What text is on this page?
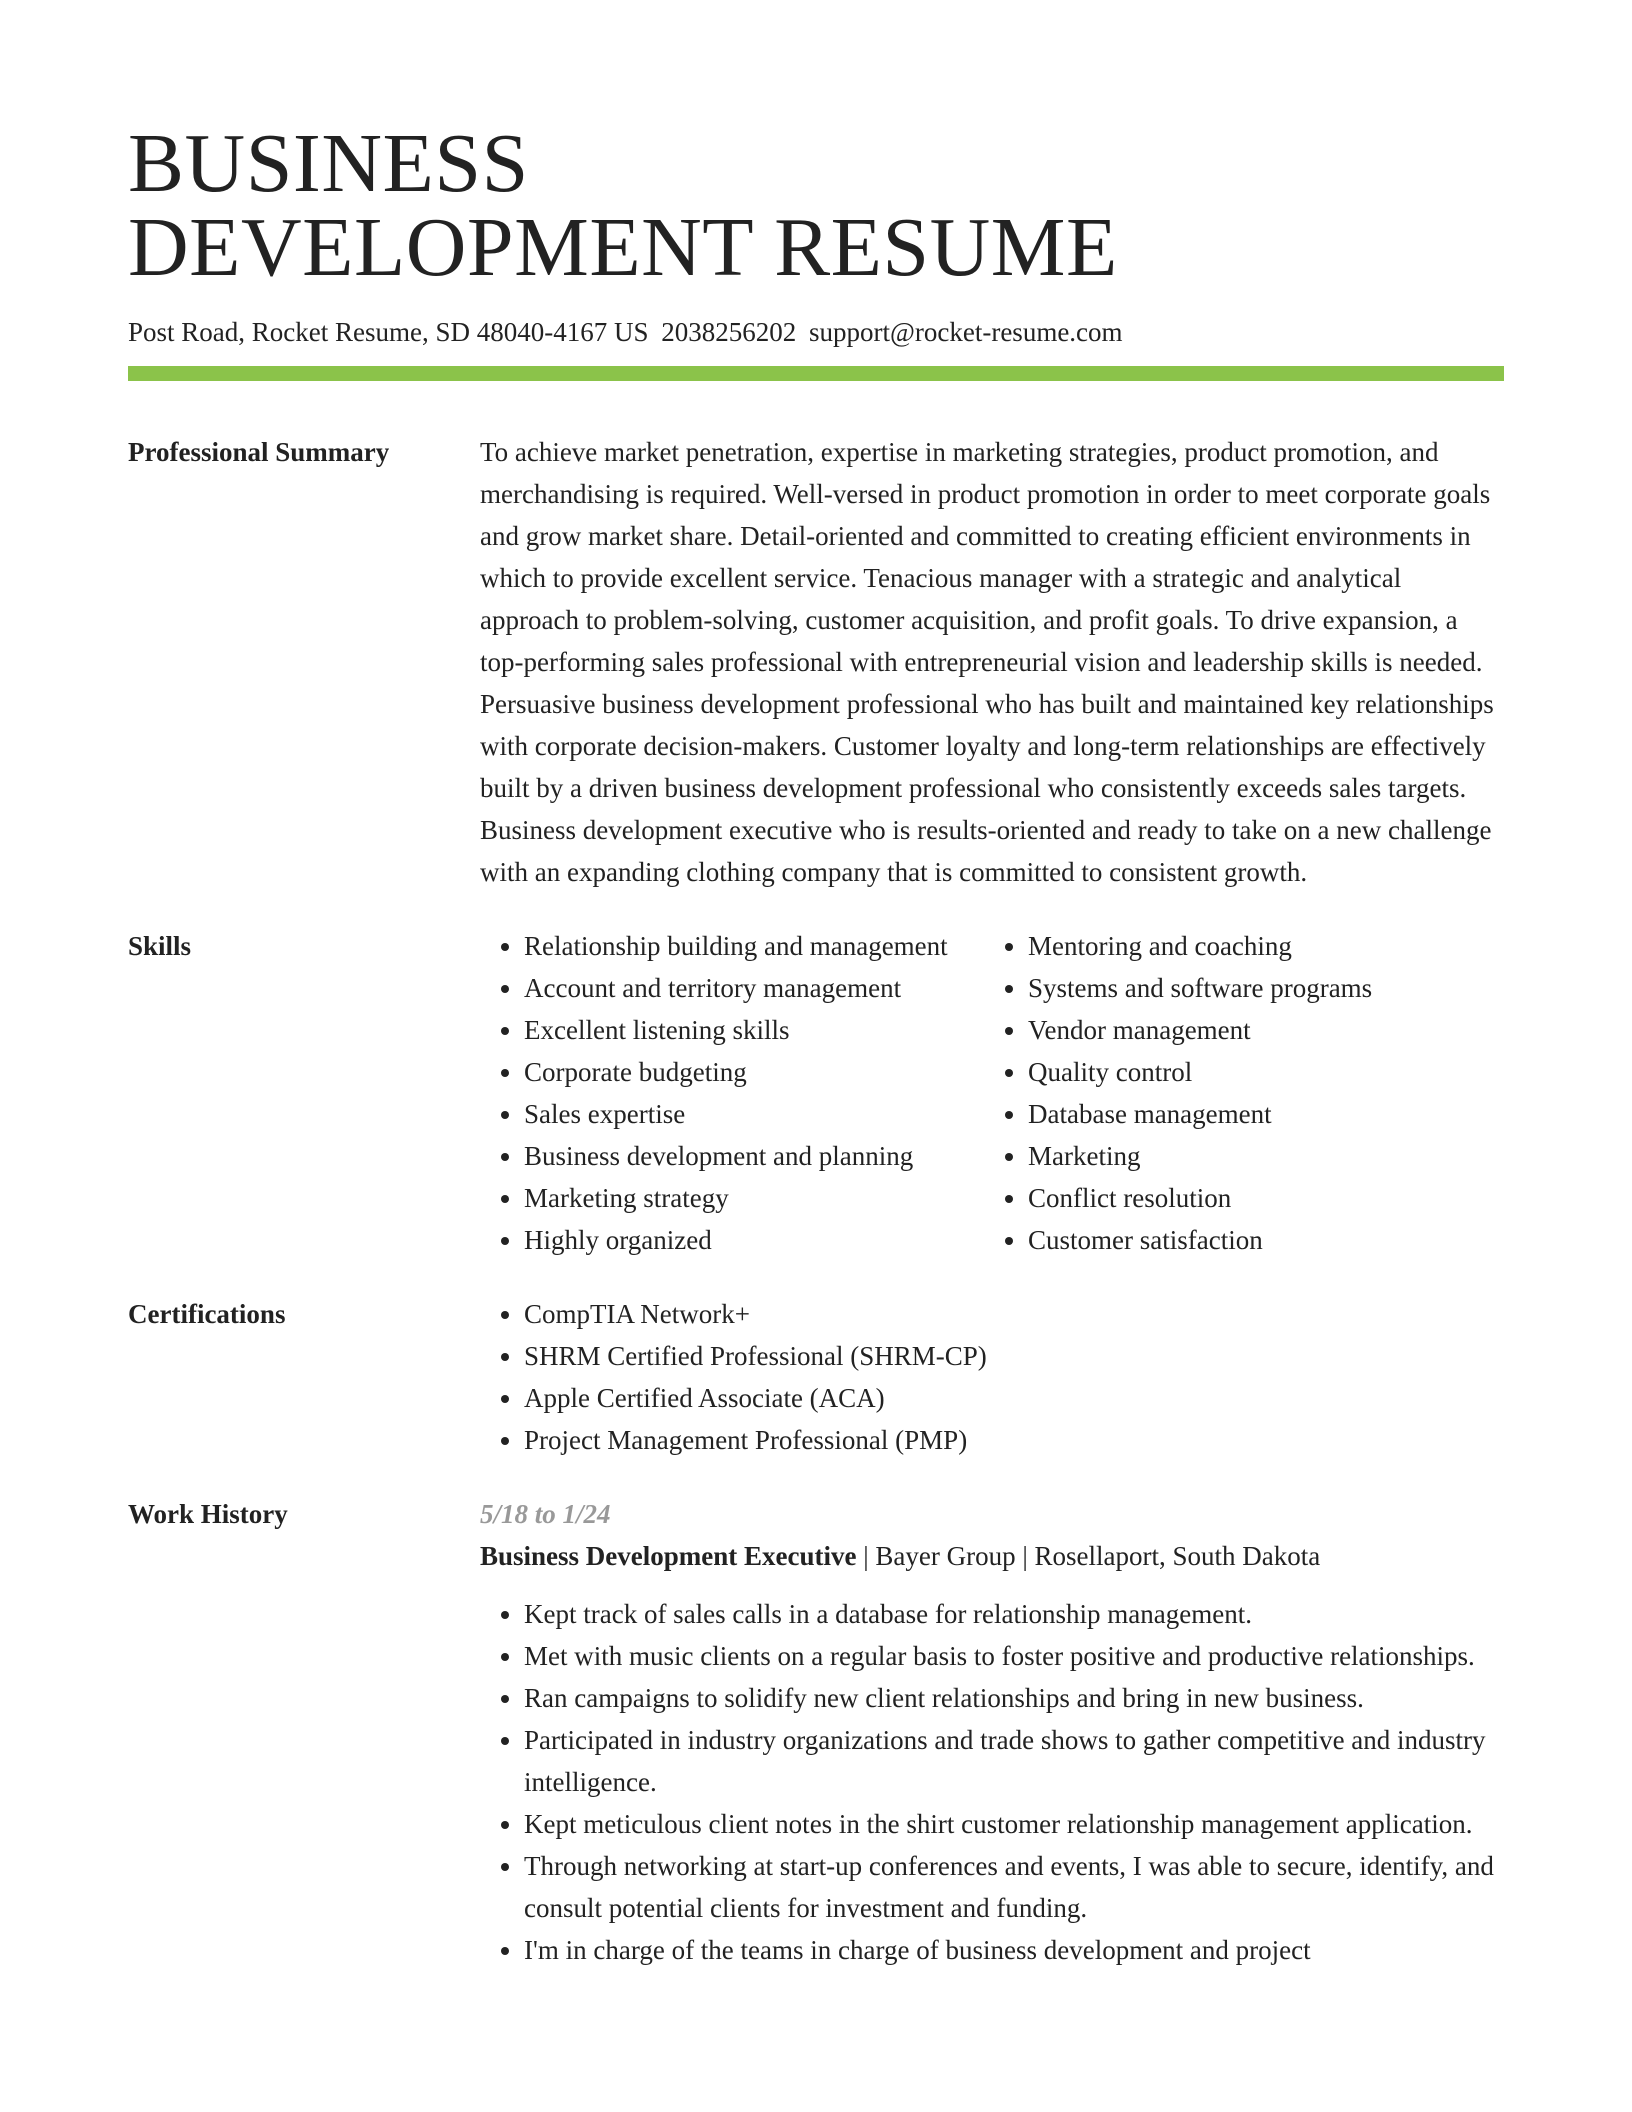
BUSINESS
DEVELOPMENT RESUME
Post Road, Rocket Resume, SD 48040-4167 US 2038256202 support@rocket-resume.com
Professional Summary	To achieve market penetration, expertise in marketing strategies, product promotion, and merchandising is required. Well-versed in product promotion in order to meet corporate goals and grow market share. Detail-oriented and committed to creating efficient environments in which to provide excellent service. Tenacious manager with a strategic and analytical approach to problem-solving, customer acquisition, and profit goals. To drive expansion, a top-performing sales professional with entrepreneurial vision and leadership skills is needed. Persuasive business development professional who has built and maintained key relationships with corporate decision-makers. Customer loyalty and long-term relationships are effectively built by a driven business development professional who consistently exceeds sales targets. Business development executive who is results-oriented and ready to take on a new challenge with an expanding clothing company that is committed to consistent growth.

Skills	• Relationship building and management
• Account and territory management
• Excellent listening skills
• Corporate budgeting
• Sales expertise
• Business development and planning
• Marketing strategy
• Highly organized
• Mentoring and coaching
• Systems and software programs
• Vendor management
• Quality control
• Database management
• Marketing
• Conflict resolution
• Customer satisfaction
Certifications	• CompTIA Network+
• SHRM Certified Professional (SHRM-CP)
• Apple Certified Associate (ACA)
• Project Management Professional (PMP)
Work History	5/18 to 1/24
Business Development Executive | Bayer Group | Rosellaport, South Dakota
• Kept track of sales calls in a database for relationship management.
• Met with music clients on a regular basis to foster positive and productive relationships.
• Ran campaigns to solidify new client relationships and bring in new business.
• Participated in industry organizations and trade shows to gather competitive and industry intelligence.
• Kept meticulous client notes in the shirt customer relationship management application.
• Through networking at start-up conferences and events, I was able to secure, identify, and consult potential clients for investment and funding.
• I'm in charge of the teams in charge of business development and project
